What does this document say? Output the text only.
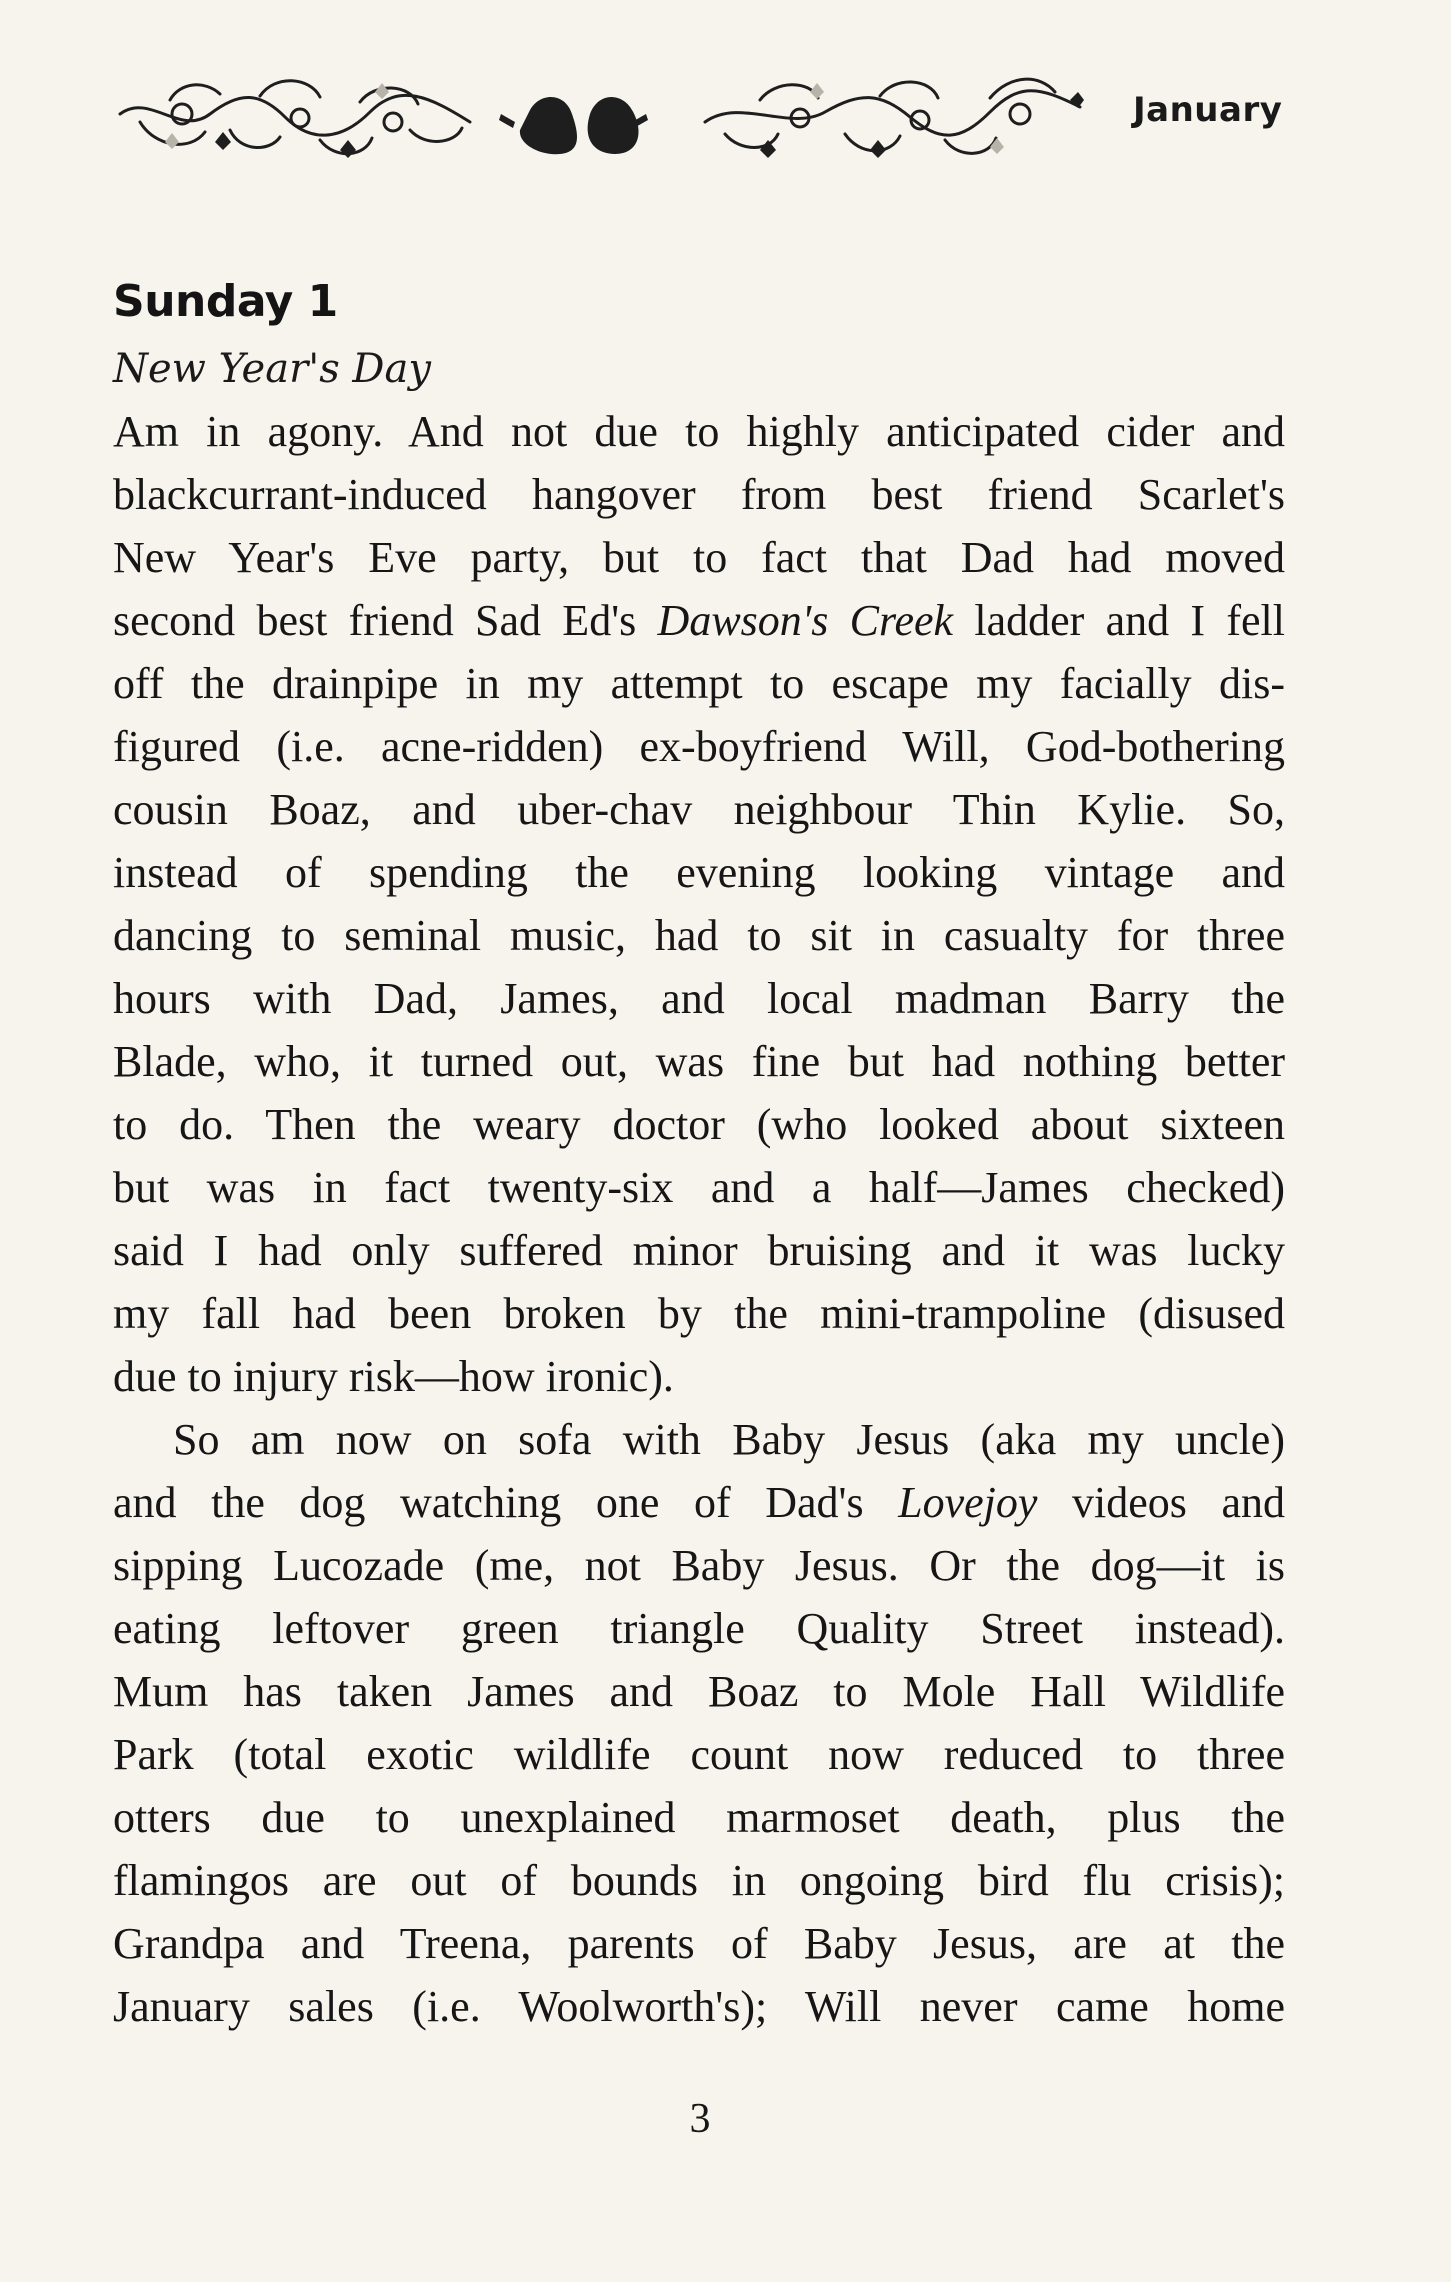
January
Sunday 1
New Year's Day
Am in agony. And not due to highly anticipated cider and
blackcurrant-induced hangover from best friend Scarlet's
New Year's Eve party, but to fact that Dad had moved
second best friend Sad Ed's Dawson's Creek ladder and I fell
off the drainpipe in my attempt to escape my facially dis-
figured (i.e. acne-ridden) ex-boyfriend Will, God-bothering
cousin Boaz, and uber-chav neighbour Thin Kylie. So,
instead of spending the evening looking vintage and
dancing to seminal music, had to sit in casualty for three
hours with Dad, James, and local madman Barry the
Blade, who, it turned out, was fine but had nothing better
to do. Then the weary doctor (who looked about sixteen
but was in fact twenty-six and a half—James checked)
said I had only suffered minor bruising and it was lucky
my fall had been broken by the mini-trampoline (disused
due to injury risk—how ironic).
So am now on sofa with Baby Jesus (aka my uncle)
and the dog watching one of Dad's Lovejoy videos and
sipping Lucozade (me, not Baby Jesus. Or the dog—it is
eating leftover green triangle Quality Street instead).
Mum has taken James and Boaz to Mole Hall Wildlife
Park (total exotic wildlife count now reduced to three
otters due to unexplained marmoset death, plus the
flamingos are out of bounds in ongoing bird flu crisis);
Grandpa and Treena, parents of Baby Jesus, are at the
January sales (i.e. Woolworth's); Will never came home
3
